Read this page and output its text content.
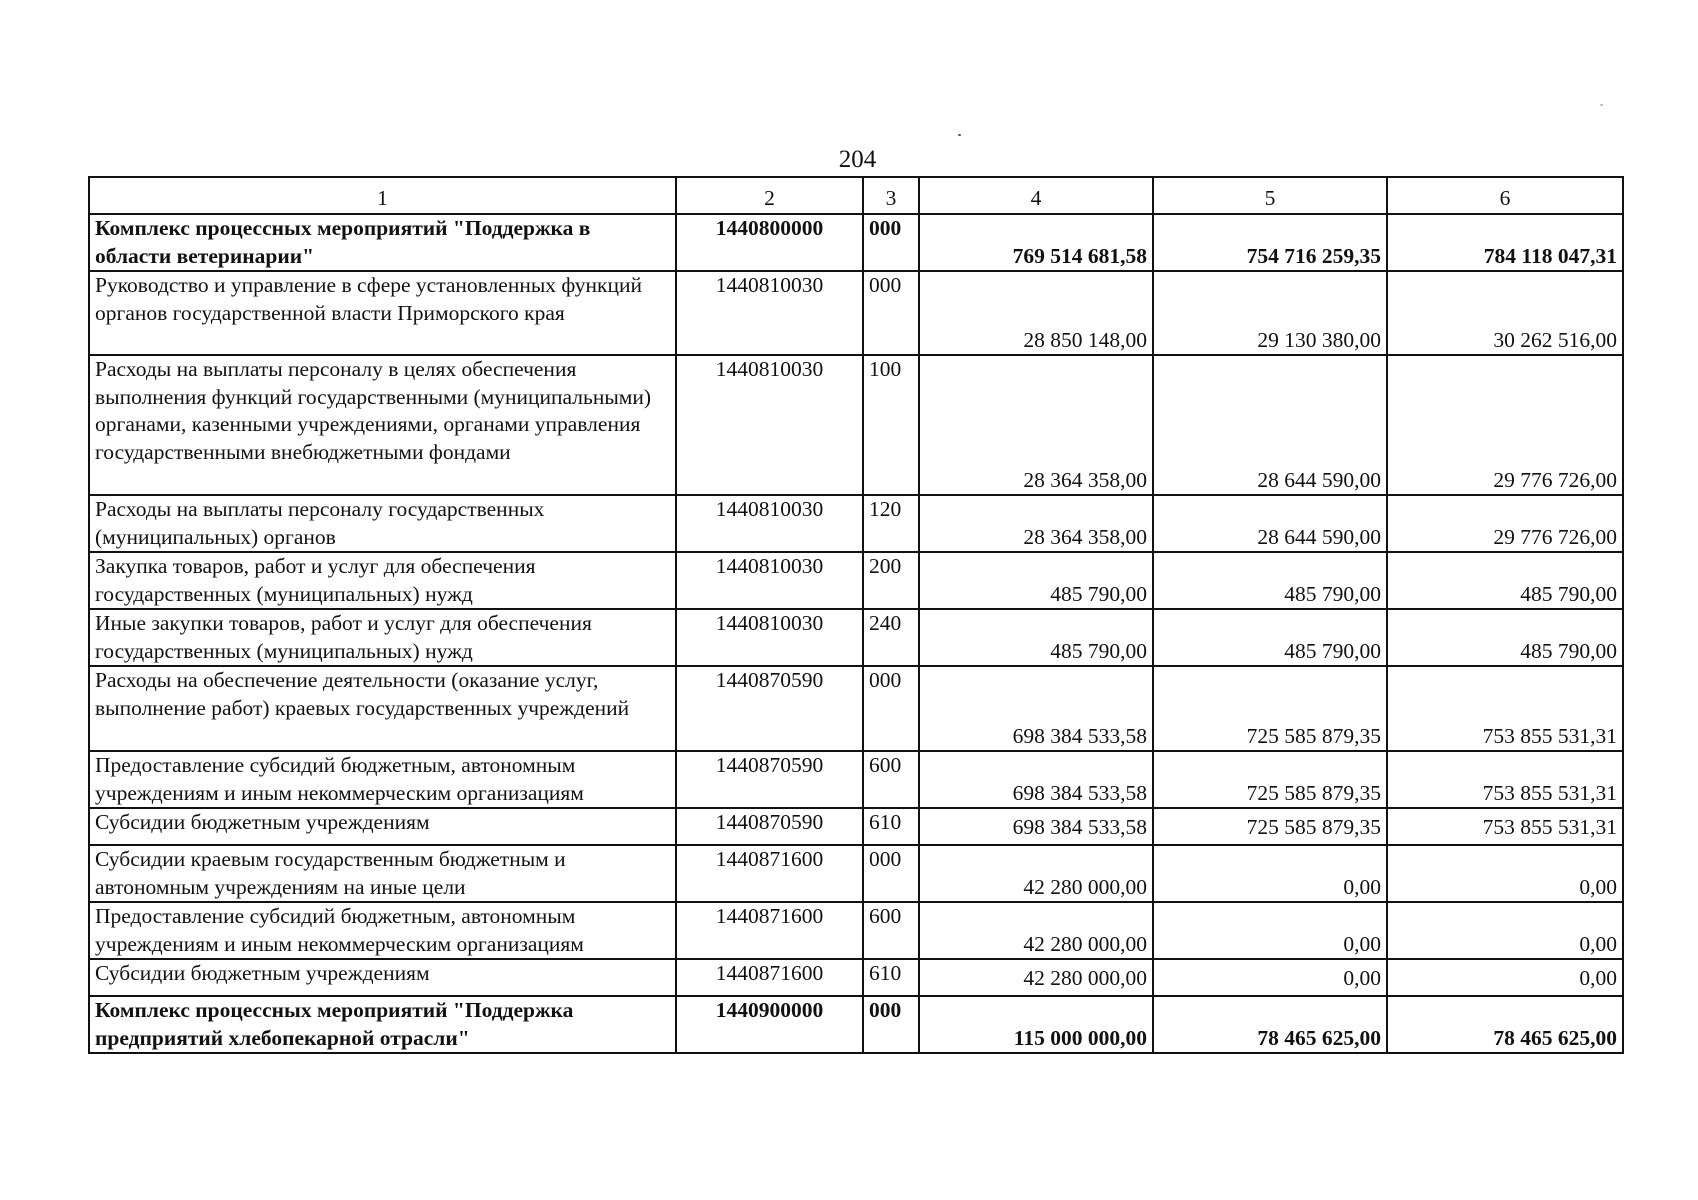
204
1	2	3	4	5	6
Комплекс процессных мероприятий "Поддержка в области ветеринарии"	1440800000	000	769 514 681,58	754 716 259,35	784 118 047,31
Руководство и управление в сфере установленных функций органов государственной власти Приморского края	1440810030	000	28 850 148,00	29 130 380,00	30 262 516,00
Расходы на выплаты персоналу в целях обеспечения выполнения функций государственными (муниципальными) органами, казенными учреждениями, органами управления государственными внебюджетными фондами	1440810030	100	28 364 358,00	28 644 590,00	29 776 726,00
Расходы на выплаты персоналу государственных (муниципальных) органов	1440810030	120	28 364 358,00	28 644 590,00	29 776 726,00
Закупка товаров, работ и услуг для обеспечения государственных (муниципальных) нужд	1440810030	200	485 790,00	485 790,00	485 790,00
Иные закупки товаров, работ и услуг для обеспечения государственных (муниципальных) нужд	1440810030	240	485 790,00	485 790,00	485 790,00
Расходы на обеспечение деятельности (оказание услуг, выполнение работ) краевых государственных учреждений	1440870590	000	698 384 533,58	725 585 879,35	753 855 531,31
Предоставление субсидий бюджетным, автономным учреждениям и иным некоммерческим организациям	1440870590	600	698 384 533,58	725 585 879,35	753 855 531,31
Субсидии бюджетным учреждениям	1440870590	610	698 384 533,58	725 585 879,35	753 855 531,31
Субсидии краевым государственным бюджетным и автономным учреждениям на иные цели	1440871600	000	42 280 000,00	0,00	0,00
Предоставление субсидий бюджетным, автономным учреждениям и иным некоммерческим организациям	1440871600	600	42 280 000,00	0,00	0,00
Субсидии бюджетным учреждениям	1440871600	610	42 280 000,00	0,00	0,00
Комплекс процессных мероприятий "Поддержка предприятий хлебопекарной отрасли"	1440900000	000	115 000 000,00	78 465 625,00	78 465 625,00
